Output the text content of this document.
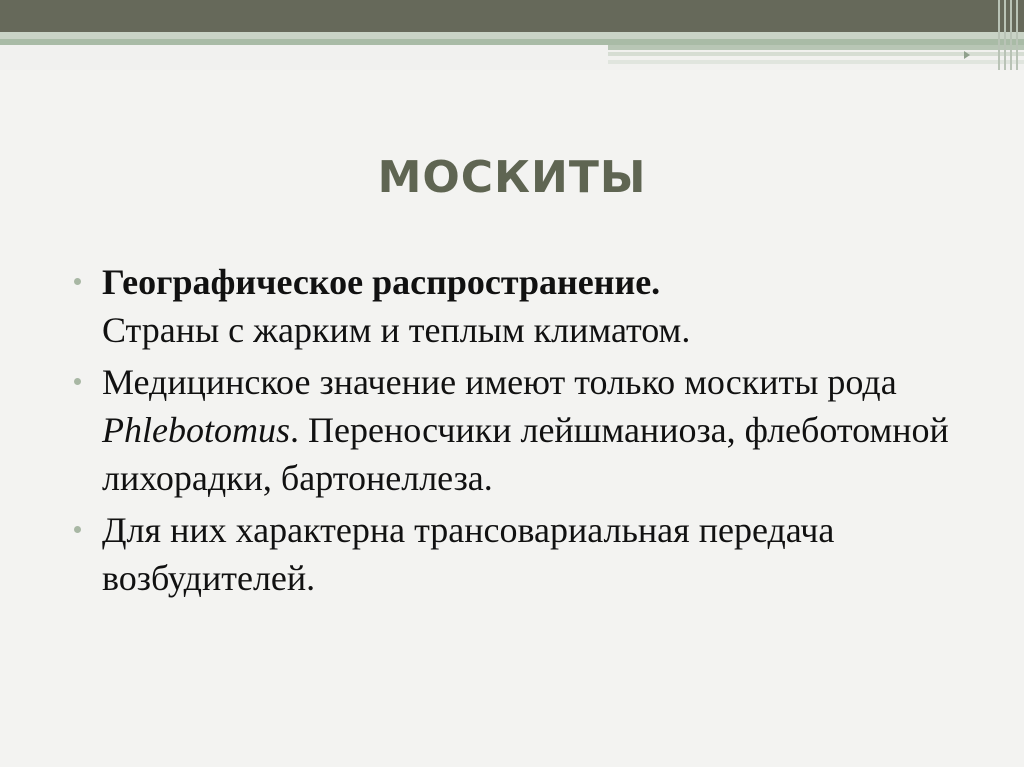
МОСКИТЫ
Географическое распространение.
Страны с жарким и теплым климатом.
Медицинское значение имеют только москиты рода Phlebotomus. Переносчики лейшманиоза, флеботомной лихорадки, бартонеллеза.
Для них характерна трансовариальная передача возбудителей.
